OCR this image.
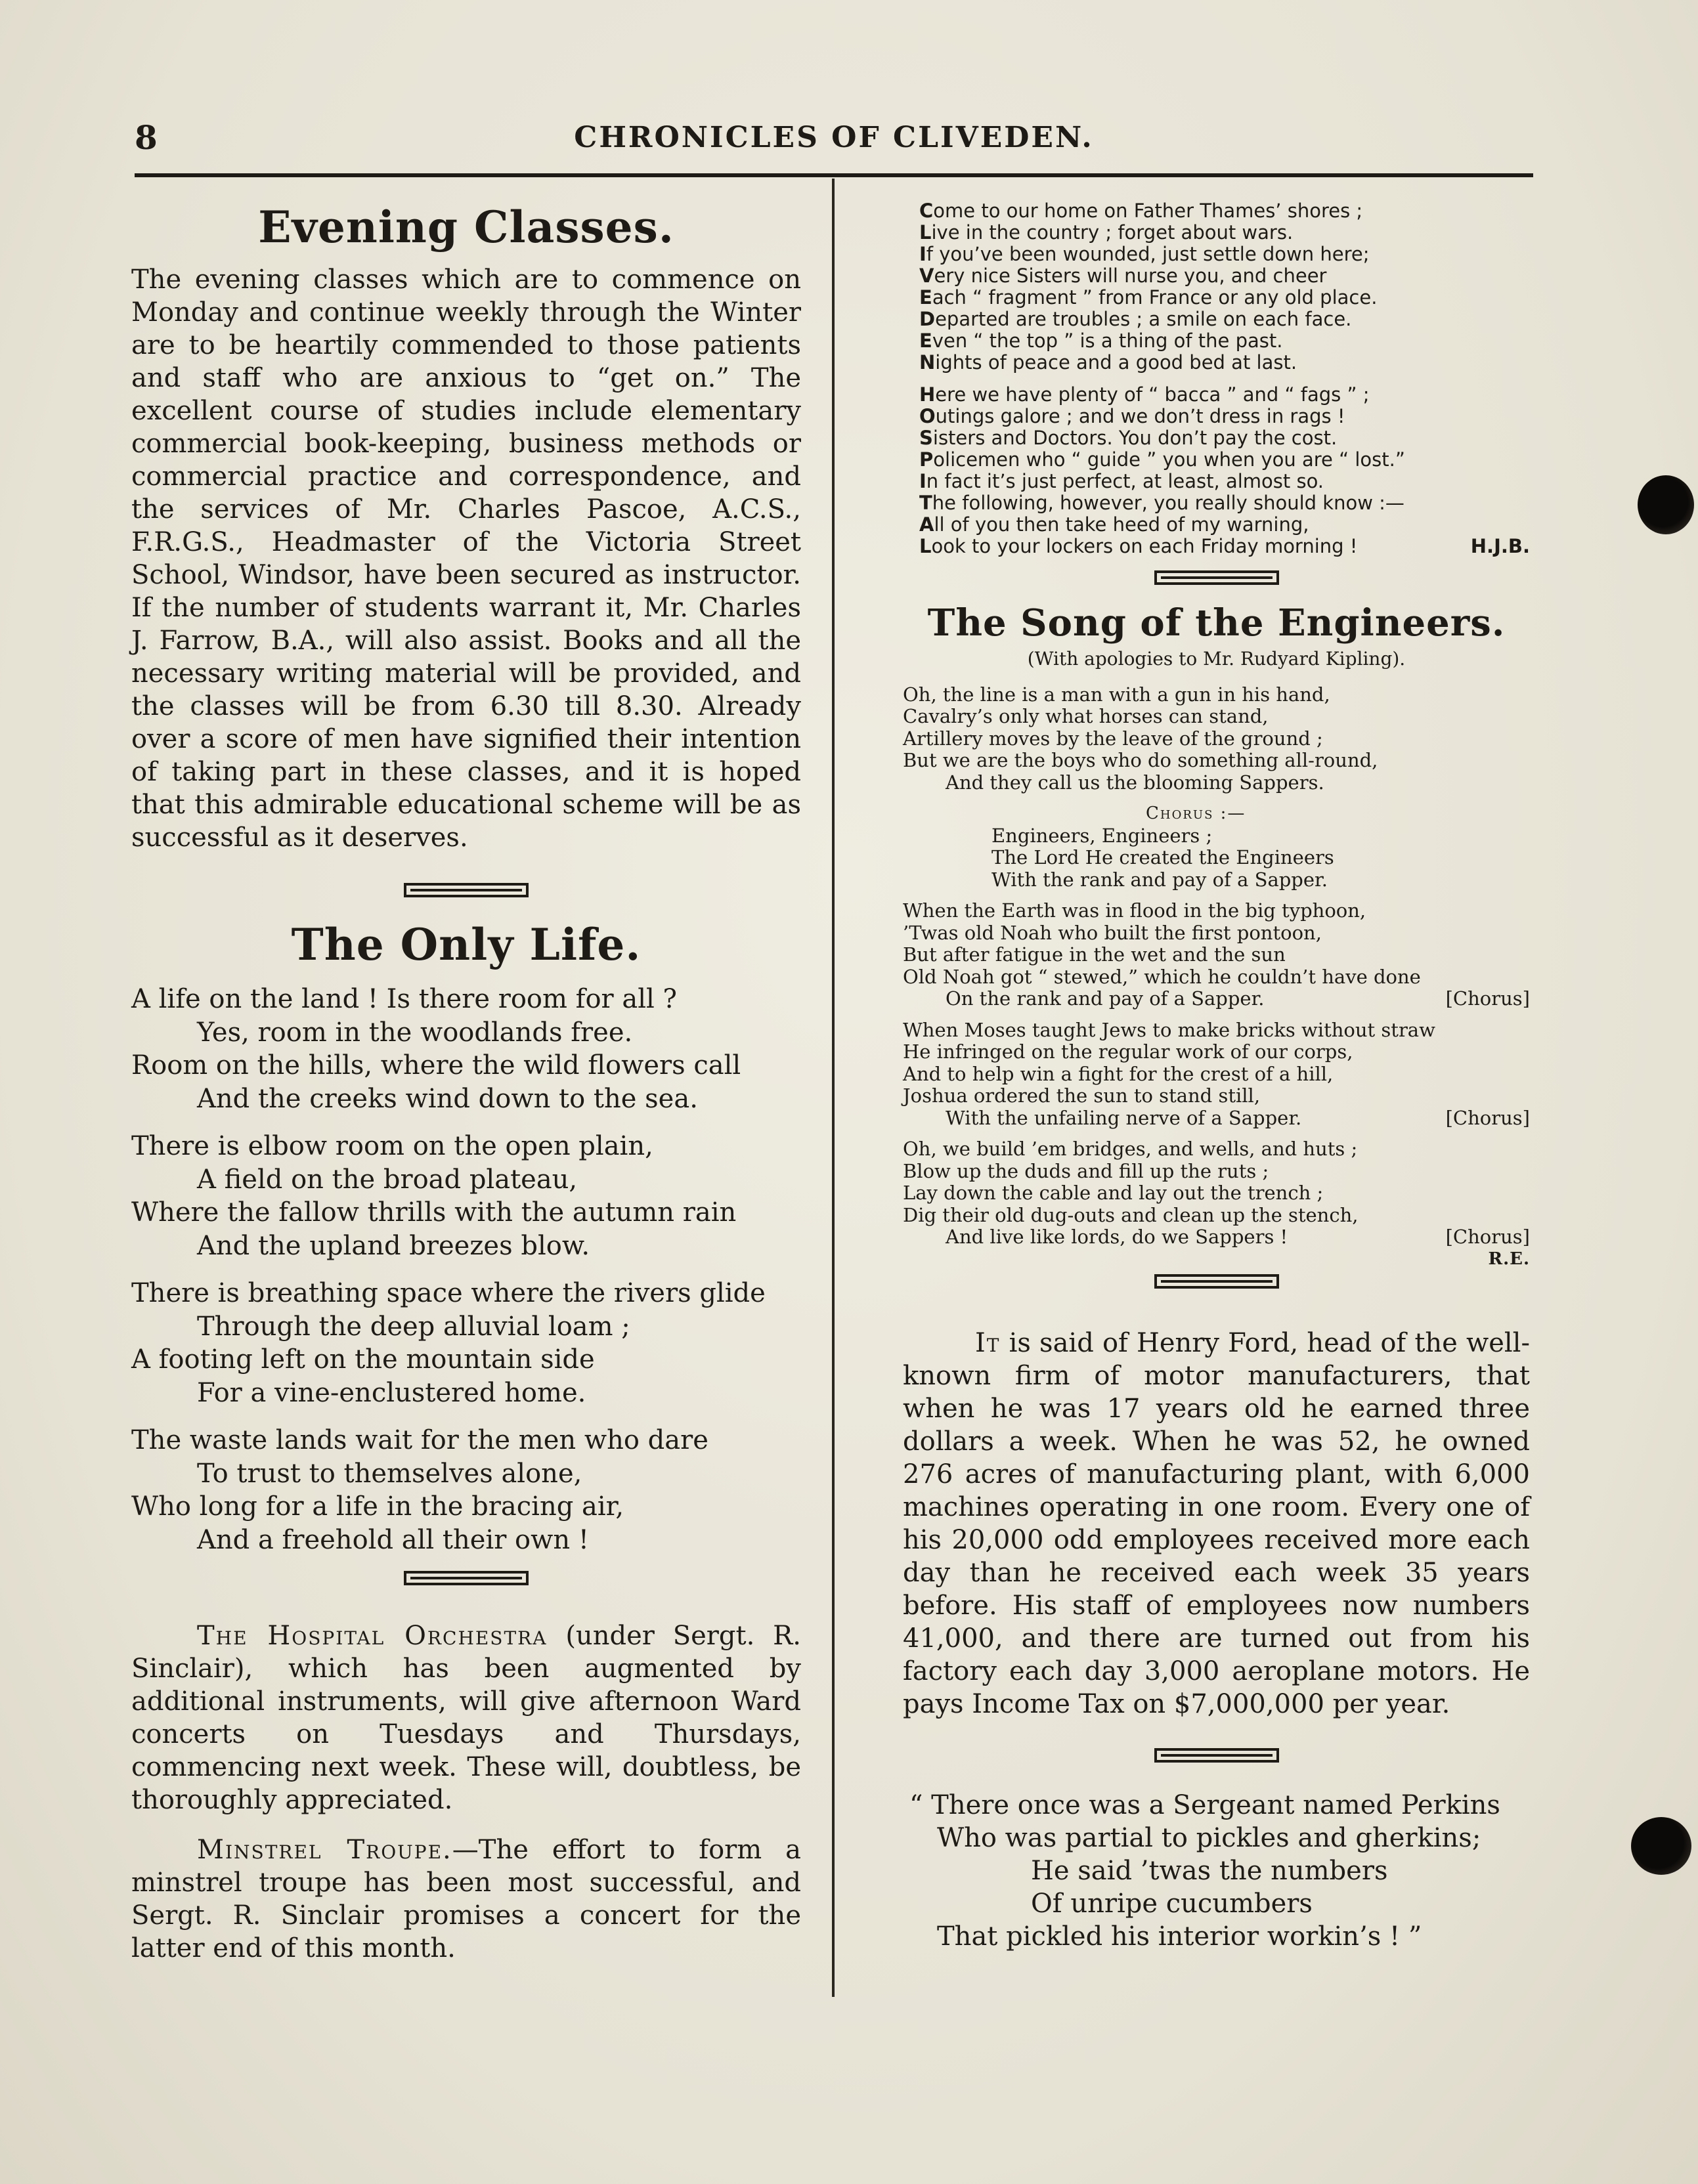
8	CHRONICLES OF CLIVEDEN.
Evening Classes.

The evening classes which are to commence on Monday and continue weekly through the Winter are to be heartily commended to those patients and staff who are anxious to “get on.” The excellent course of studies include elementary commercial book-keeping, business methods or commercial practice and correspondence, and the services of Mr. Charles Pascoe, A.C.S., F.R.G.S., Headmaster of the Victoria Street School, Windsor, have been secured as instructor. If the number of students warrant it, Mr. Charles J. Farrow, B.A., will also assist. Books and all the necessary writing material will be provided, and the classes will be from 6.30 till 8.30. Already over a score of men have signified their intention of taking part in these classes, and it is hoped that this admirable educational scheme will be as successful as it deserves.

The Only Life.
A life on the land ! Is there room for all ?
Yes, room in the woodlands free.
Room on the hills, where the wild flowers call
And the creeks wind down to the sea.
There is elbow room on the open plain,
A field on the broad plateau,
Where the fallow thrills with the autumn rain
And the upland breezes blow.
There is breathing space where the rivers glide
Through the deep alluvial loam ;
A footing left on the mountain side
For a vine-enclustered home.
The waste lands wait for the men who dare
To trust to themselves alone,
Who long for a life in the bracing air,
And a freehold all their own !

The Hospital Orchestra (under Sergt. R. Sinclair), which has been augmented by additional instruments, will give afternoon Ward concerts on Tuesdays and Thursdays, commencing next week. These will, doubtless, be thoroughly appreciated.

Minstrel Troupe.—The effort to form a minstrel troupe has been most successful, and Sergt. R. Sinclair promises a concert for the latter end of this month.

Come to our home on Father Thames’ shores ;
Live in the country ; forget about wars.
If you’ve been wounded, just settle down here;
Very nice Sisters will nurse you, and cheer
Each “ fragment ” from France or any old place.
Departed are troubles ; a smile on each face.
Even “ the top ” is a thing of the past.
Nights of peace and a good bed at last.
Here we have plenty of “ bacca ” and “ fags ” ;
Outings galore ; and we don’t dress in rags !
Sisters and Doctors. You don’t pay the cost.
Policemen who “ guide ” you when you are “ lost.”
In fact it’s just perfect, at least, almost so.
The following, however, you really should know :—
All of you then take heed of my warning,
Look to your lockers on each Friday morning !	H.J.B.
The Song of the Engineers.
(With apologies to Mr. Rudyard Kipling).
Oh, the line is a man with a gun in his hand,
Cavalry’s only what horses can stand,
Artillery moves by the leave of the ground ;
But we are the boys who do something all-round,
And they call us the blooming Sappers.
Chorus :—
Engineers, Engineers ;
The Lord He created the Engineers
With the rank and pay of a Sapper.
When the Earth was in flood in the big typhoon,
’Twas old Noah who built the first pontoon,
But after fatigue in the wet and the sun
Old Noah got “ stewed,” which he couldn’t have done
On the rank and pay of a Sapper.	[Chorus]
When Moses taught Jews to make bricks without straw
He infringed on the regular work of our corps,
And to help win a fight for the crest of a hill,
Joshua ordered the sun to stand still,
With the unfailing nerve of a Sapper.	[Chorus]
Oh, we build ’em bridges, and wells, and huts ;
Blow up the duds and fill up the ruts ;
Lay down the cable and lay out the trench ;
Dig their old dug-outs and clean up the stench,
And live like lords, do we Sappers !	[Chorus]
R.E.

It is said of Henry Ford, head of the well-known firm of motor manufacturers, that when he was 17 years old he earned three dollars a week. When he was 52, he owned 276 acres of manufacturing plant, with 6,000 machines operating in one room. Every one of his 20,000 odd employees received more each day than he received each week 35 years before. His staff of employees now numbers 41,000, and there are turned out from his factory each day 3,000 aeroplane motors. He pays Income Tax on $7,000,000 per year.

“ There once was a Sergeant named Perkins
Who was partial to pickles and gherkins;
He said ’twas the numbers
Of unripe cucumbers
That pickled his interior workin’s ! ”
